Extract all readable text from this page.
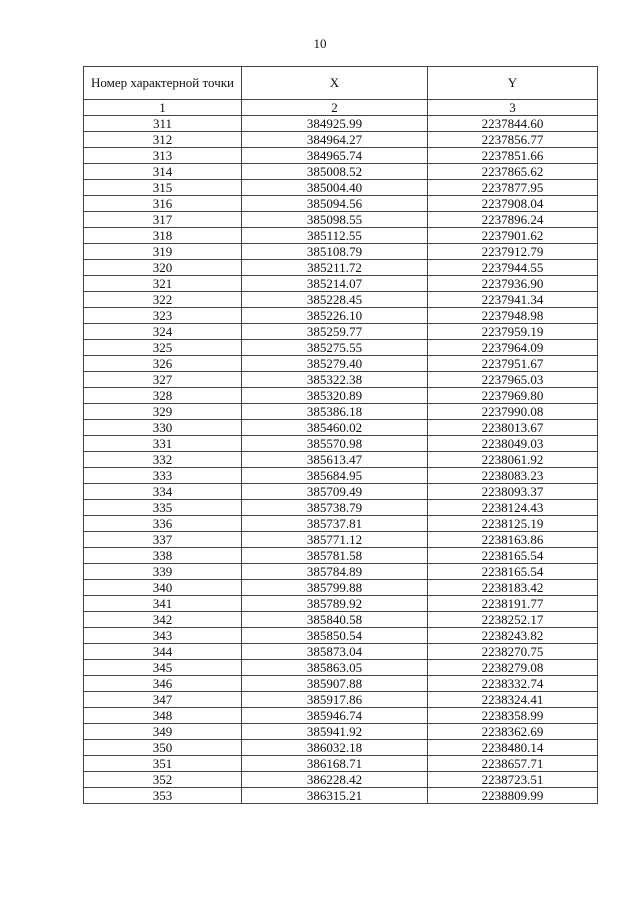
10
Номер характерной точки	X	Y
1	2	3
311	384925.99	2237844.60
312	384964.27	2237856.77
313	384965.74	2237851.66
314	385008.52	2237865.62
315	385004.40	2237877.95
316	385094.56	2237908.04
317	385098.55	2237896.24
318	385112.55	2237901.62
319	385108.79	2237912.79
320	385211.72	2237944.55
321	385214.07	2237936.90
322	385228.45	2237941.34
323	385226.10	2237948.98
324	385259.77	2237959.19
325	385275.55	2237964.09
326	385279.40	2237951.67
327	385322.38	2237965.03
328	385320.89	2237969.80
329	385386.18	2237990.08
330	385460.02	2238013.67
331	385570.98	2238049.03
332	385613.47	2238061.92
333	385684.95	2238083.23
334	385709.49	2238093.37
335	385738.79	2238124.43
336	385737.81	2238125.19
337	385771.12	2238163.86
338	385781.58	2238165.54
339	385784.89	2238165.54
340	385799.88	2238183.42
341	385789.92	2238191.77
342	385840.58	2238252.17
343	385850.54	2238243.82
344	385873.04	2238270.75
345	385863.05	2238279.08
346	385907.88	2238332.74
347	385917.86	2238324.41
348	385946.74	2238358.99
349	385941.92	2238362.69
350	386032.18	2238480.14
351	386168.71	2238657.71
352	386228.42	2238723.51
353	386315.21	2238809.99
